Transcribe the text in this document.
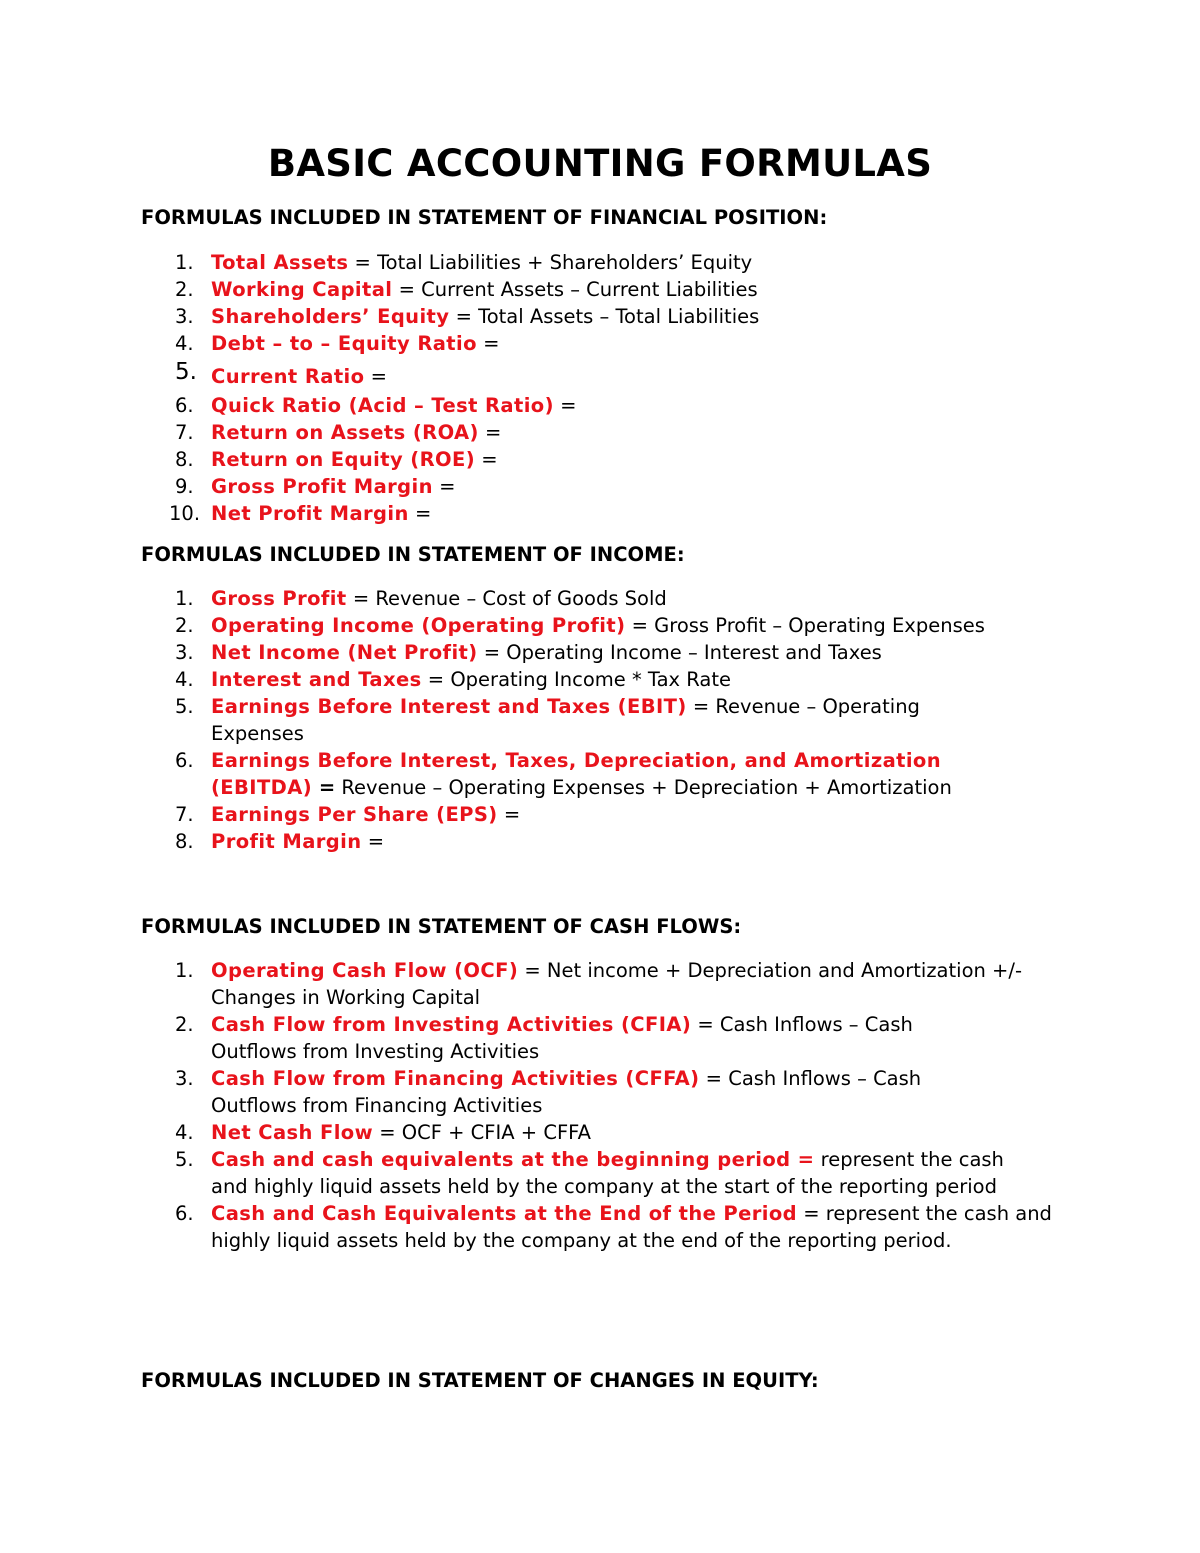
BASIC ACCOUNTING FORMULAS
FORMULAS INCLUDED IN STATEMENT OF FINANCIAL POSITION:
1. Total Assets = Total Liabilities + Shareholders’ Equity
2. Working Capital = Current Assets – Current Liabilities
3. Shareholders’ Equity = Total Assets – Total Liabilities
4. Debt – to – Equity Ratio =
5. Current Ratio =
6. Quick Ratio (Acid – Test Ratio) =
7. Return on Assets (ROA) =
8. Return on Equity (ROE) =
9. Gross Profit Margin =
10. Net Profit Margin =
FORMULAS INCLUDED IN STATEMENT OF INCOME:
1. Gross Profit = Revenue – Cost of Goods Sold
2. Operating Income (Operating Profit) = Gross Profit – Operating Expenses
3. Net Income (Net Profit) = Operating Income – Interest and Taxes
4. Interest and Taxes = Operating Income * Tax Rate
5. Earnings Before Interest and Taxes (EBIT) = Revenue – Operating Expenses
6. Earnings Before Interest, Taxes, Depreciation, and Amortization (EBITDA) = Revenue – Operating Expenses + Depreciation + Amortization
7. Earnings Per Share (EPS) =
8. Profit Margin =
FORMULAS INCLUDED IN STATEMENT OF CASH FLOWS:
1. Operating Cash Flow (OCF) = Net income + Depreciation and Amortization +/- Changes in Working Capital
2. Cash Flow from Investing Activities (CFIA) = Cash Inflows – Cash Outflows from Investing Activities
3. Cash Flow from Financing Activities (CFFA) = Cash Inflows – Cash Outflows from Financing Activities
4. Net Cash Flow = OCF + CFIA + CFFA
5. Cash and cash equivalents at the beginning period = represent the cash and highly liquid assets held by the company at the start of the reporting period
6. Cash and Cash Equivalents at the End of the Period = represent the cash and highly liquid assets held by the company at the end of the reporting period.
FORMULAS INCLUDED IN STATEMENT OF CHANGES IN EQUITY:
